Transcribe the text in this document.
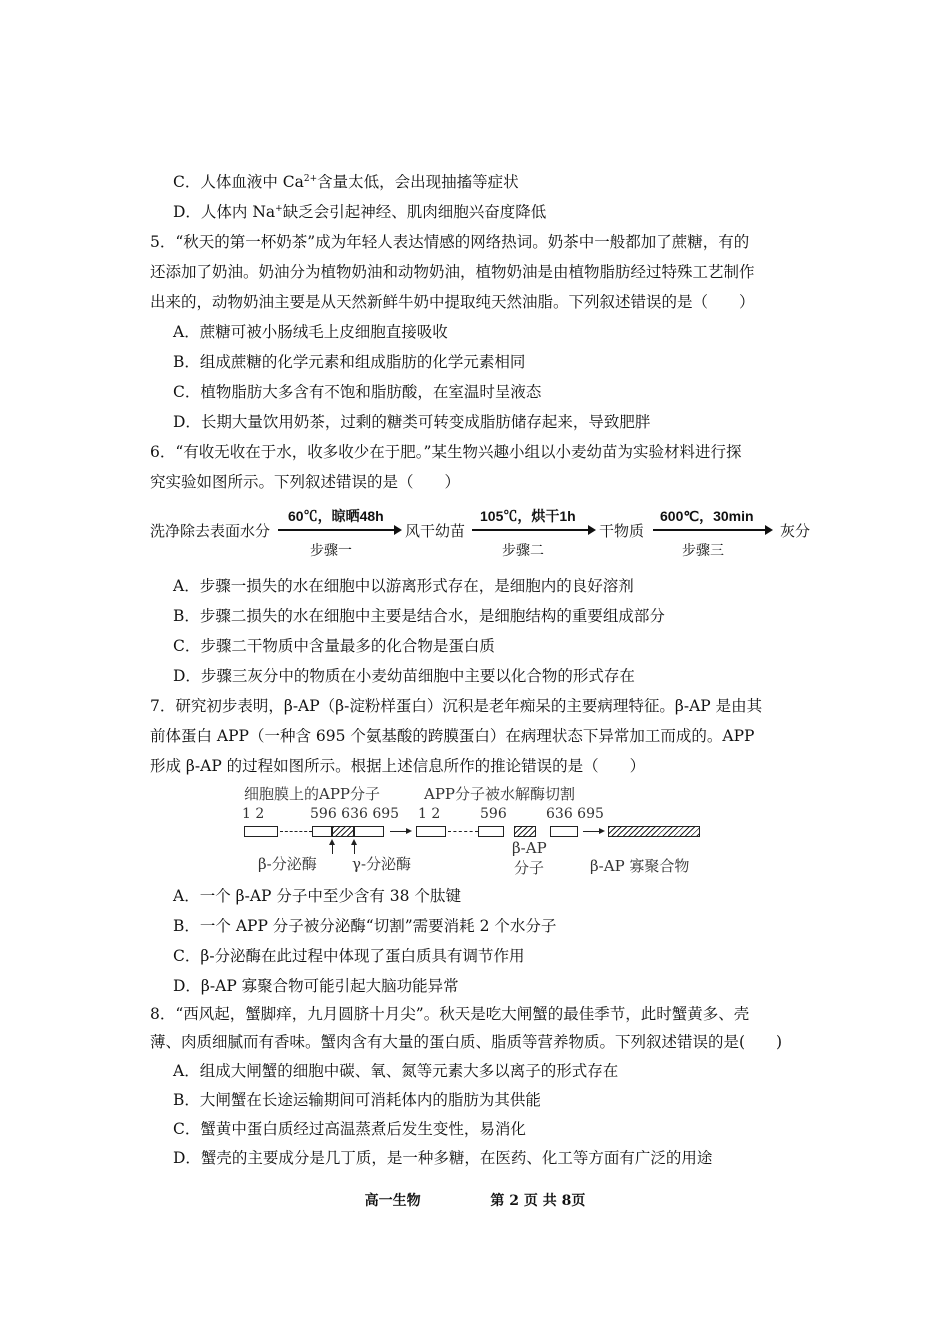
C．人体血液中 $Ca^{2+}$含量太低，会出现抽搐等症状
D．人体内 Na+缺乏会引起神经、肌肉细胞兴奋度降低
5．“秋天的第一杯奶茶”成为年轻人表达情感的网络热词。奶茶中一般都加了蔗糖，有的
还添加了奶油。奶油分为植物奶油和动物奶油，植物奶油是由植物脂肪经过特殊工艺制作
出来的，动物奶油主要是从天然新鲜牛奶中提取纯天然油脂。下列叙述错误的是（　　）
A．蔗糖可被小肠绒毛上皮细胞直接吸收
B．组成蔗糖的化学元素和组成脂肪的化学元素相同
C．植物脂肪大多含有不饱和脂肪酸，在室温时呈液态
D．长期大量饮用奶茶，过剩的糖类可转变成脂肪储存起来，导致肥胖
6．“有收无收在于水，收多收少在于肥。”某生物兴趣小组以小麦幼苗为实验材料进行探
究实验如图所示。下列叙述错误的是（　　）
洗净除去表面水分
60℃，晾晒48h
步骤一
风干幼苗
105℃，烘干1h
步骤二
干物质
600℃，30min
步骤三
灰分
A．步骤一损失的水在细胞中以游离形式存在，是细胞内的良好溶剂
B．步骤二损失的水在细胞中主要是结合水，是细胞结构的重要组成部分
C．步骤二干物质中含量最多的化合物是蛋白质
D．步骤三灰分中的物质在小麦幼苗细胞中主要以化合物的形式存在
7．研究初步表明，β-AP（β-淀粉样蛋白）沉积是老年痴呆的主要病理特征。β-AP 是由其
前体蛋白 APP（一种含 695 个氨基酸的跨膜蛋白）在病理状态下异常加工而成的。APP
形成 β-AP 的过程如图所示。根据上述信息所作的推论错误的是（　　）
细胞膜上的APP分子	APP分子被水解酶切割
1 2	596 636 695 1 2	596	636 695
β-分泌酶 γ-分泌酶
β-AP
分子	β-AP 寡聚合物
A．一个 β-AP 分子中至少含有 38 个肽键
B．一个 APP 分子被分泌酶“切割”需要消耗 2 个水分子
C．β-分泌酶在此过程中体现了蛋白质具有调节作用
D．β-AP 寡聚合物可能引起大脑功能异常
8．“西风起，蟹脚痒，九月圆脐十月尖”。秋天是吃大闸蟹的最佳季节，此时蟹黄多、壳
薄、肉质细腻而有香味。蟹肉含有大量的蛋白质、脂质等营养物质。下列叙述错误的是(　　)
A．组成大闸蟹的细胞中碳、氧、氮等元素大多以离子的形式存在
B．大闸蟹在长途运输期间可消耗体内的脂肪为其供能
C．蟹黄中蛋白质经过高温蒸煮后发生变性，易消化
D．蟹壳的主要成分是几丁质，是一种多糖，在医药、化工等方面有广泛的用途
高一生物	第 2 页 共 8页
